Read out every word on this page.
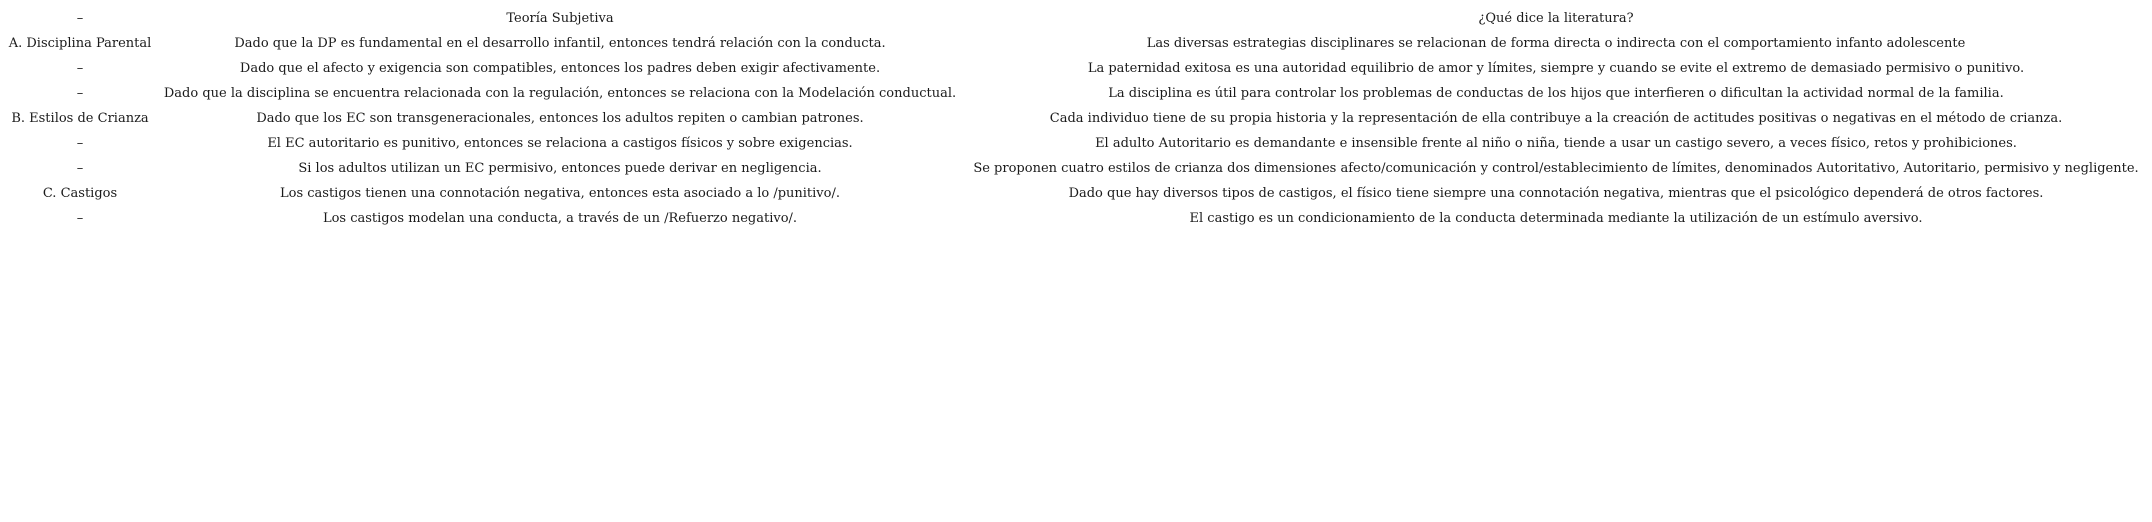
–	Teoría Subjetiva	¿Qué dice la literatura?
A. Disciplina Parental	Dado que la DP es fundamental en el desarrollo infantil, entonces tendrá relación con la conducta.	Las diversas estrategias disciplinares se relacionan de forma directa o indirecta con el comportamiento infanto adolescente
–	Dado que el afecto y exigencia son compatibles, entonces los padres deben exigir afectivamente.	La paternidad exitosa es una autoridad equilibrio de amor y límites, siempre y cuando se evite el extremo de demasiado permisivo o punitivo.
–	Dado que la disciplina se encuentra relacionada con la regulación, entonces se relaciona con la Modelación conductual.	La disciplina es útil para controlar los problemas de conductas de los hijos que interfieren o dificultan la actividad normal de la familia.
B. Estilos de Crianza	Dado que los EC son transgeneracionales, entonces los adultos repiten o cambian patrones.	Cada individuo tiene de su propia historia y la representación de ella contribuye a la creación de actitudes positivas o negativas en el método de crianza.
–	El EC autoritario es punitivo, entonces se relaciona a castigos físicos y sobre exigencias.	El adulto Autoritario es demandante e insensible frente al niño o niña, tiende a usar un castigo severo, a veces físico, retos y prohibiciones.
–	Si los adultos utilizan un EC permisivo, entonces puede derivar en negligencia.	Se proponen cuatro estilos de crianza dos dimensiones afecto/comunicación y control/establecimiento de límites, denominados Autoritativo, Autoritario, permisivo y negligente.
C. Castigos	Los castigos tienen una connotación negativa, entonces esta asociado a lo /punitivo/.	Dado que hay diversos tipos de castigos, el físico tiene siempre una connotación negativa, mientras que el psicológico dependerá de otros factores.
–	Los castigos modelan una conducta, a través de un /Refuerzo negativo/.	El castigo es un condicionamiento de la conducta determinada mediante la utilización de un estímulo aversivo.
